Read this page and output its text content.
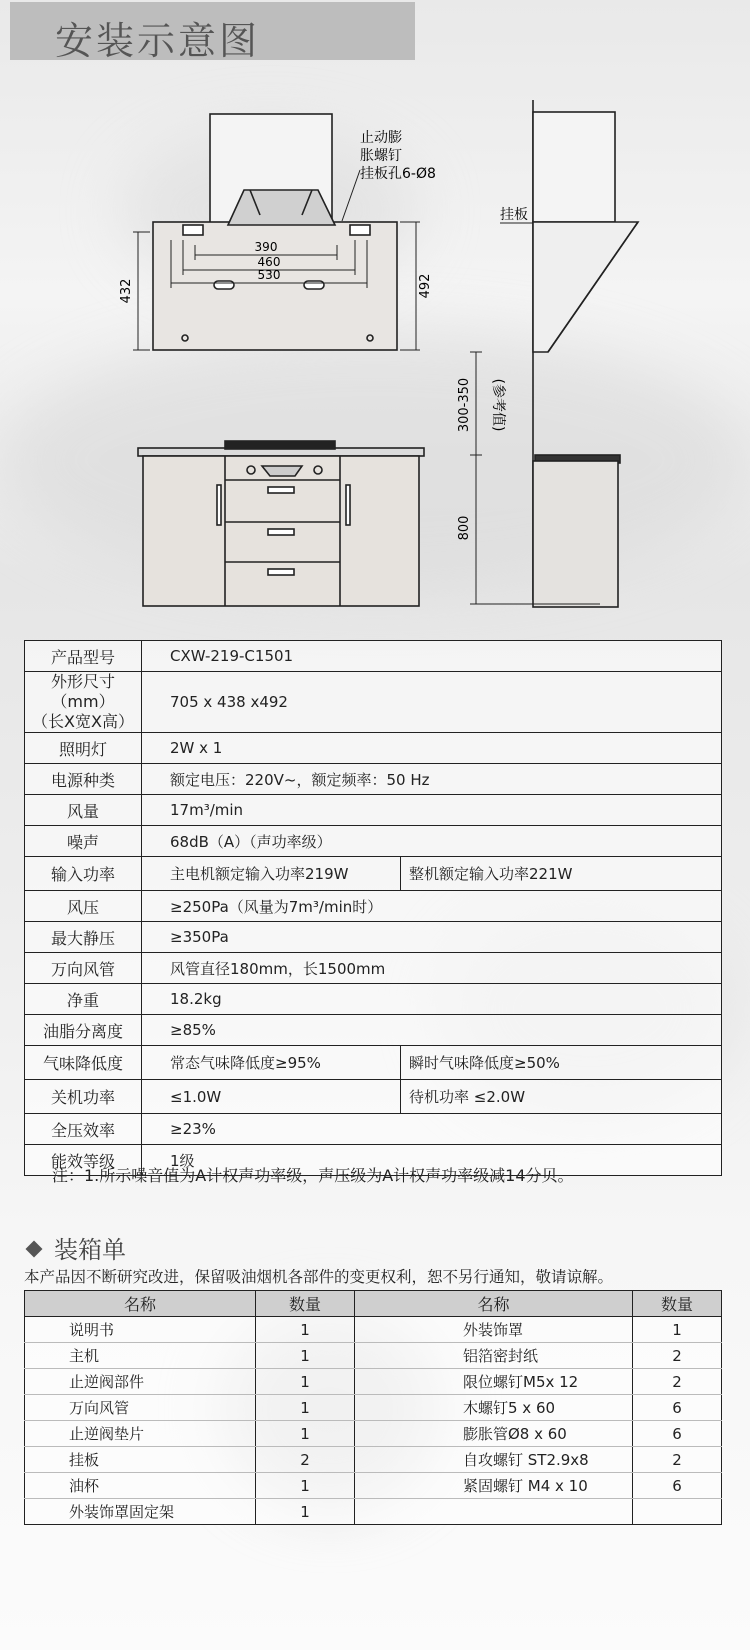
安装示意图
止动膨
胀螺钉
挂板孔6-Ø8
390
460
530
432	492
挂板
300-350 (参考值)
800
产品型号	CXW-219-C1501	

外形尺寸（mm）
（长X宽X高）	705 x 438 x492	
照明灯	2W x 1	
电源种类	额定电压：220V~，额定频率：50 Hz	
风量	17m³/min	
噪声	68dB（A）（声功率级）	
输入功率	主电机额定输入功率219W	整机额定输入功率221W
风压	≥250Pa（风量为7m³/min时）	
最大静压	≥350Pa	
万向风管	风管直径180mm，长1500mm	
净重	18.2kg	
油脂分离度	≥85%	
气味降低度	常态气味降低度≥95%	瞬时气味降低度≥50%
关机功率	≤1.0W	待机功率 ≤2.0W
全压效率	≥23%	
能效等级	1级	
注：1.所示噪音值为A计权声功率级，声压级为A计权声功率级减14分贝。
装箱单
本产品因不断研究改进，保留吸油烟机各部件的变更权利，恕不另行通知，敬请谅解。
名称	数量	名称	数量
说明书	1	外装饰罩	1
主机	1	铝箔密封纸	2
止逆阀部件	1	限位螺钉M5x 12	2
万向风管	1	木螺钉5 x 60	6
止逆阀垫片	1	膨胀管Ø8 x 60	6
挂板	2	自攻螺钉 ST2.9x8	2
油杯	1	紧固螺钉 M4 x 10	6
外装饰罩固定架	1		
